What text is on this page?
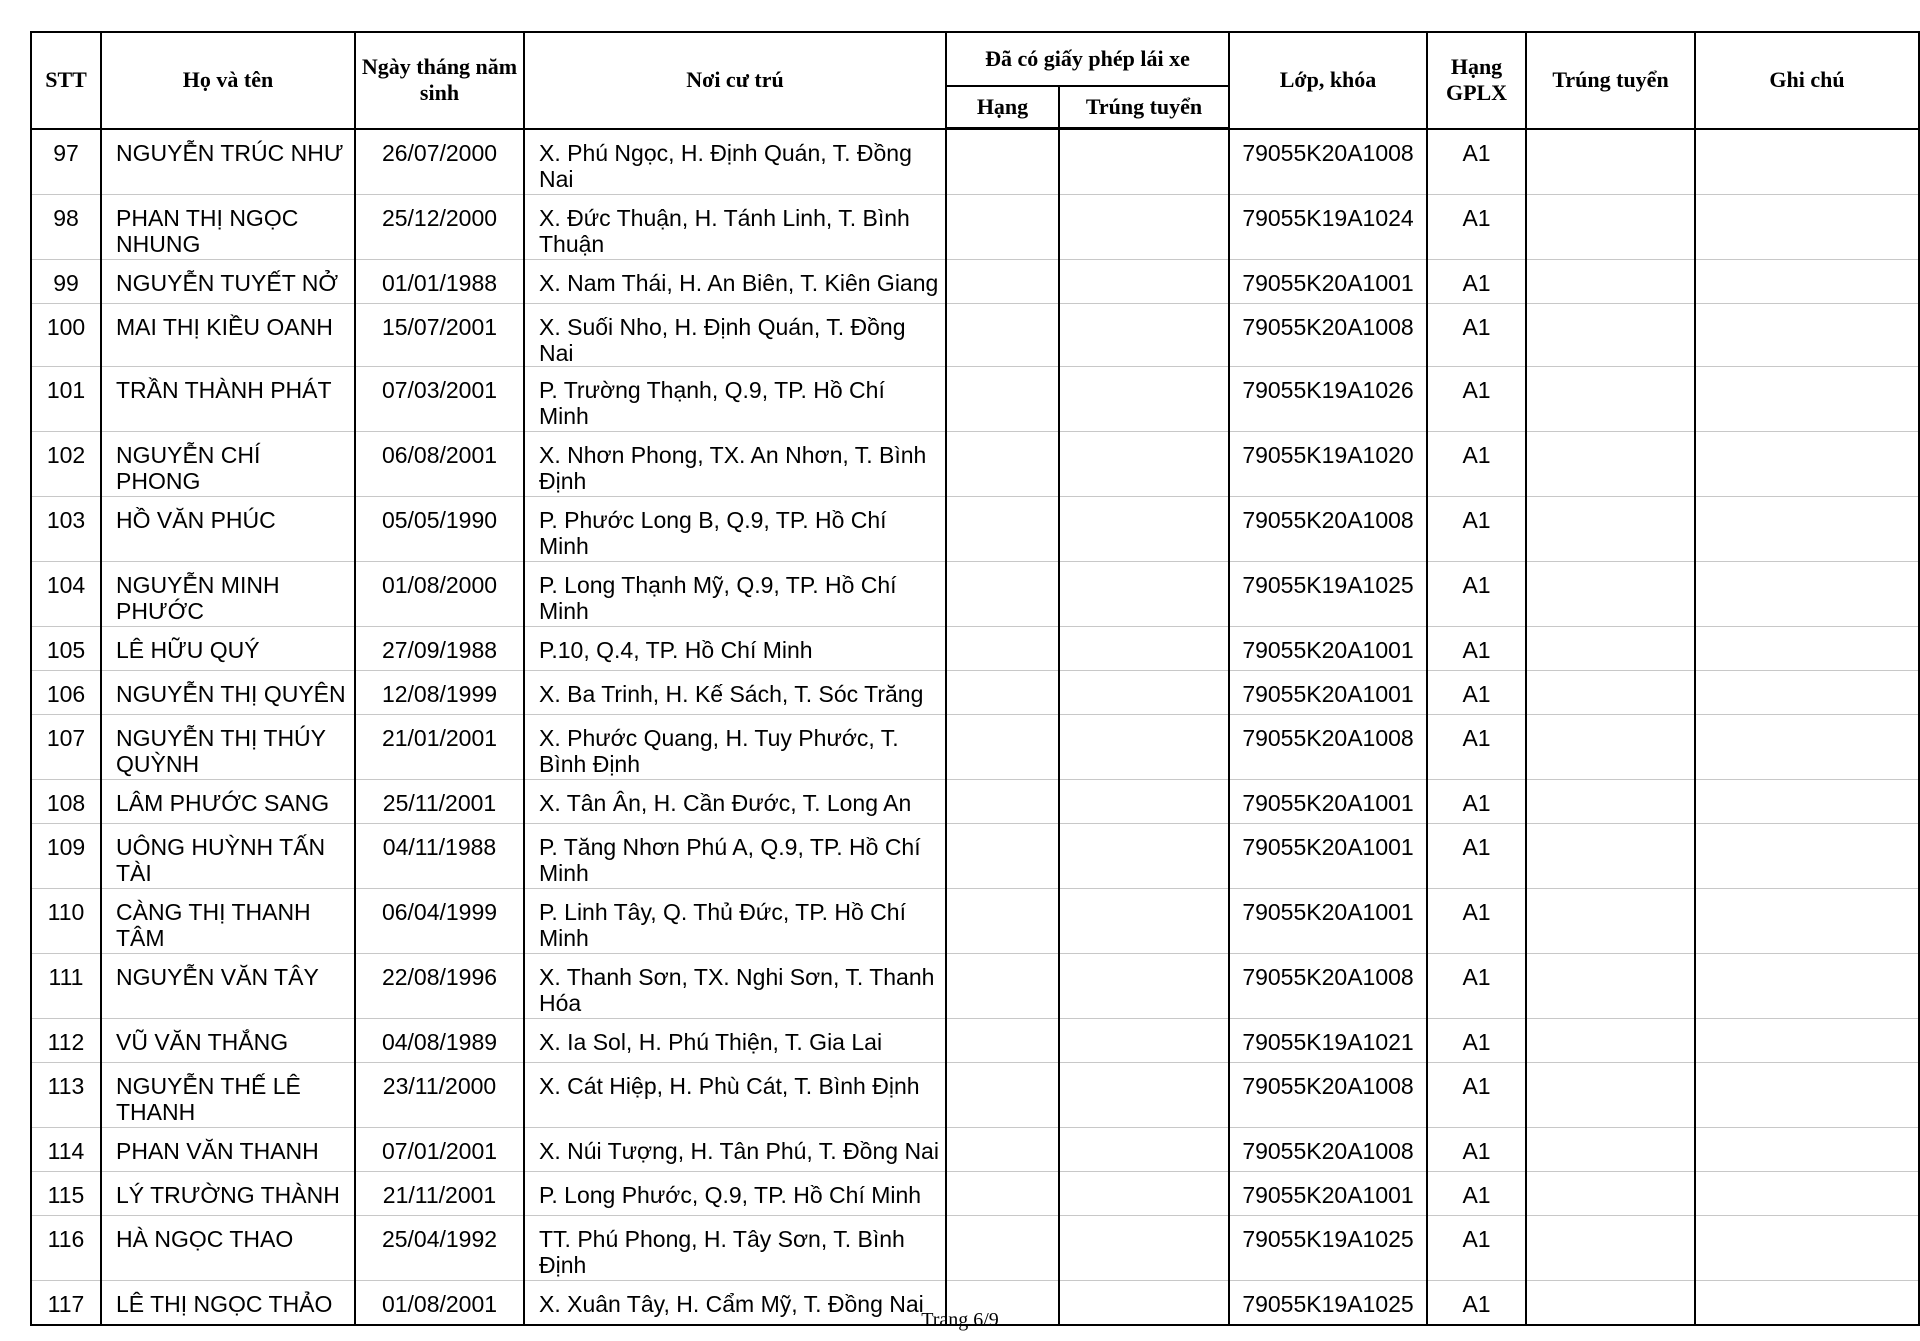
STT	Họ và tên	Ngày tháng năm sinh	Nơi cư trú	Đã có giấy phép lái xe		Lớp, khóa	Hạng GPLX	Trúng tuyển	Ghi chú
				Hạng	Trúng tuyển				
97	NGUYỄN TRÚC NHƯ	26/07/2000	X. Phú Ngọc, H. Định Quán, T. Đồng Nai			79055K20A1008	A1		
98	PHAN THỊ NGỌC NHUNG	25/12/2000	X. Đức Thuận, H. Tánh Linh, T. Bình Thuận			79055K19A1024	A1		
99	NGUYỄN TUYẾT NỞ	01/01/1988	X. Nam Thái, H. An Biên, T. Kiên Giang			79055K20A1001	A1		
100	MAI THỊ KIỀU OANH	15/07/2001	X. Suối Nho, H. Định Quán, T. Đồng Nai			79055K20A1008	A1		
101	TRẦN THÀNH PHÁT	07/03/2001	P. Trường Thạnh, Q.9, TP. Hồ Chí Minh			79055K19A1026	A1		
102	NGUYỄN CHÍ PHONG	06/08/2001	X. Nhơn Phong, TX. An Nhơn, T. Bình Định			79055K19A1020	A1		
103	HỒ VĂN PHÚC	05/05/1990	P. Phước Long B, Q.9, TP. Hồ Chí Minh			79055K20A1008	A1		
104	NGUYỄN MINH PHƯỚC	01/08/2000	P. Long Thạnh Mỹ, Q.9, TP. Hồ Chí Minh			79055K19A1025	A1		
105	LÊ HỮU QUÝ	27/09/1988	P.10, Q.4, TP. Hồ Chí Minh			79055K20A1001	A1		
106	NGUYỄN THỊ QUYÊN	12/08/1999	X. Ba Trinh, H. Kế Sách, T. Sóc Trăng			79055K20A1001	A1		
107	NGUYỄN THỊ THÚY QUỲNH	21/01/2001	X. Phước Quang, H. Tuy Phước, T. Bình Định			79055K20A1008	A1		
108	LÂM PHƯỚC SANG	25/11/2001	X. Tân Ân, H. Cần Đước, T. Long An			79055K20A1001	A1		
109	UÔNG HUỲNH TẤN TÀI	04/11/1988	P. Tăng Nhơn Phú A, Q.9, TP. Hồ Chí Minh			79055K20A1001	A1		
110	CÀNG THỊ THANH TÂM	06/04/1999	P. Linh Tây, Q. Thủ Đức, TP. Hồ Chí Minh			79055K20A1001	A1		
111	NGUYỄN VĂN TÂY	22/08/1996	X. Thanh Sơn, TX. Nghi Sơn, T. Thanh Hóa			79055K20A1008	A1		
112	VŨ VĂN THẮNG	04/08/1989	X. Ia Sol, H. Phú Thiện, T. Gia Lai			79055K19A1021	A1		
113	NGUYỄN THẾ LÊ THANH	23/11/2000	X. Cát Hiệp, H. Phù Cát, T. Bình Định			79055K20A1008	A1		
114	PHAN VĂN THANH	07/01/2001	X. Núi Tượng, H. Tân Phú, T. Đồng Nai			79055K20A1008	A1		
115	LÝ TRƯỜNG THÀNH	21/11/2001	P. Long Phước, Q.9, TP. Hồ Chí Minh			79055K20A1001	A1		
116	HÀ NGỌC THAO	25/04/1992	TT. Phú Phong, H. Tây Sơn, T. Bình Định			79055K19A1025	A1		
117	LÊ THỊ NGỌC THẢO	01/08/2001	X. Xuân Tây, H. Cẩm Mỹ, T. Đồng Nai			79055K19A1025	A1		
Trang 6/9
